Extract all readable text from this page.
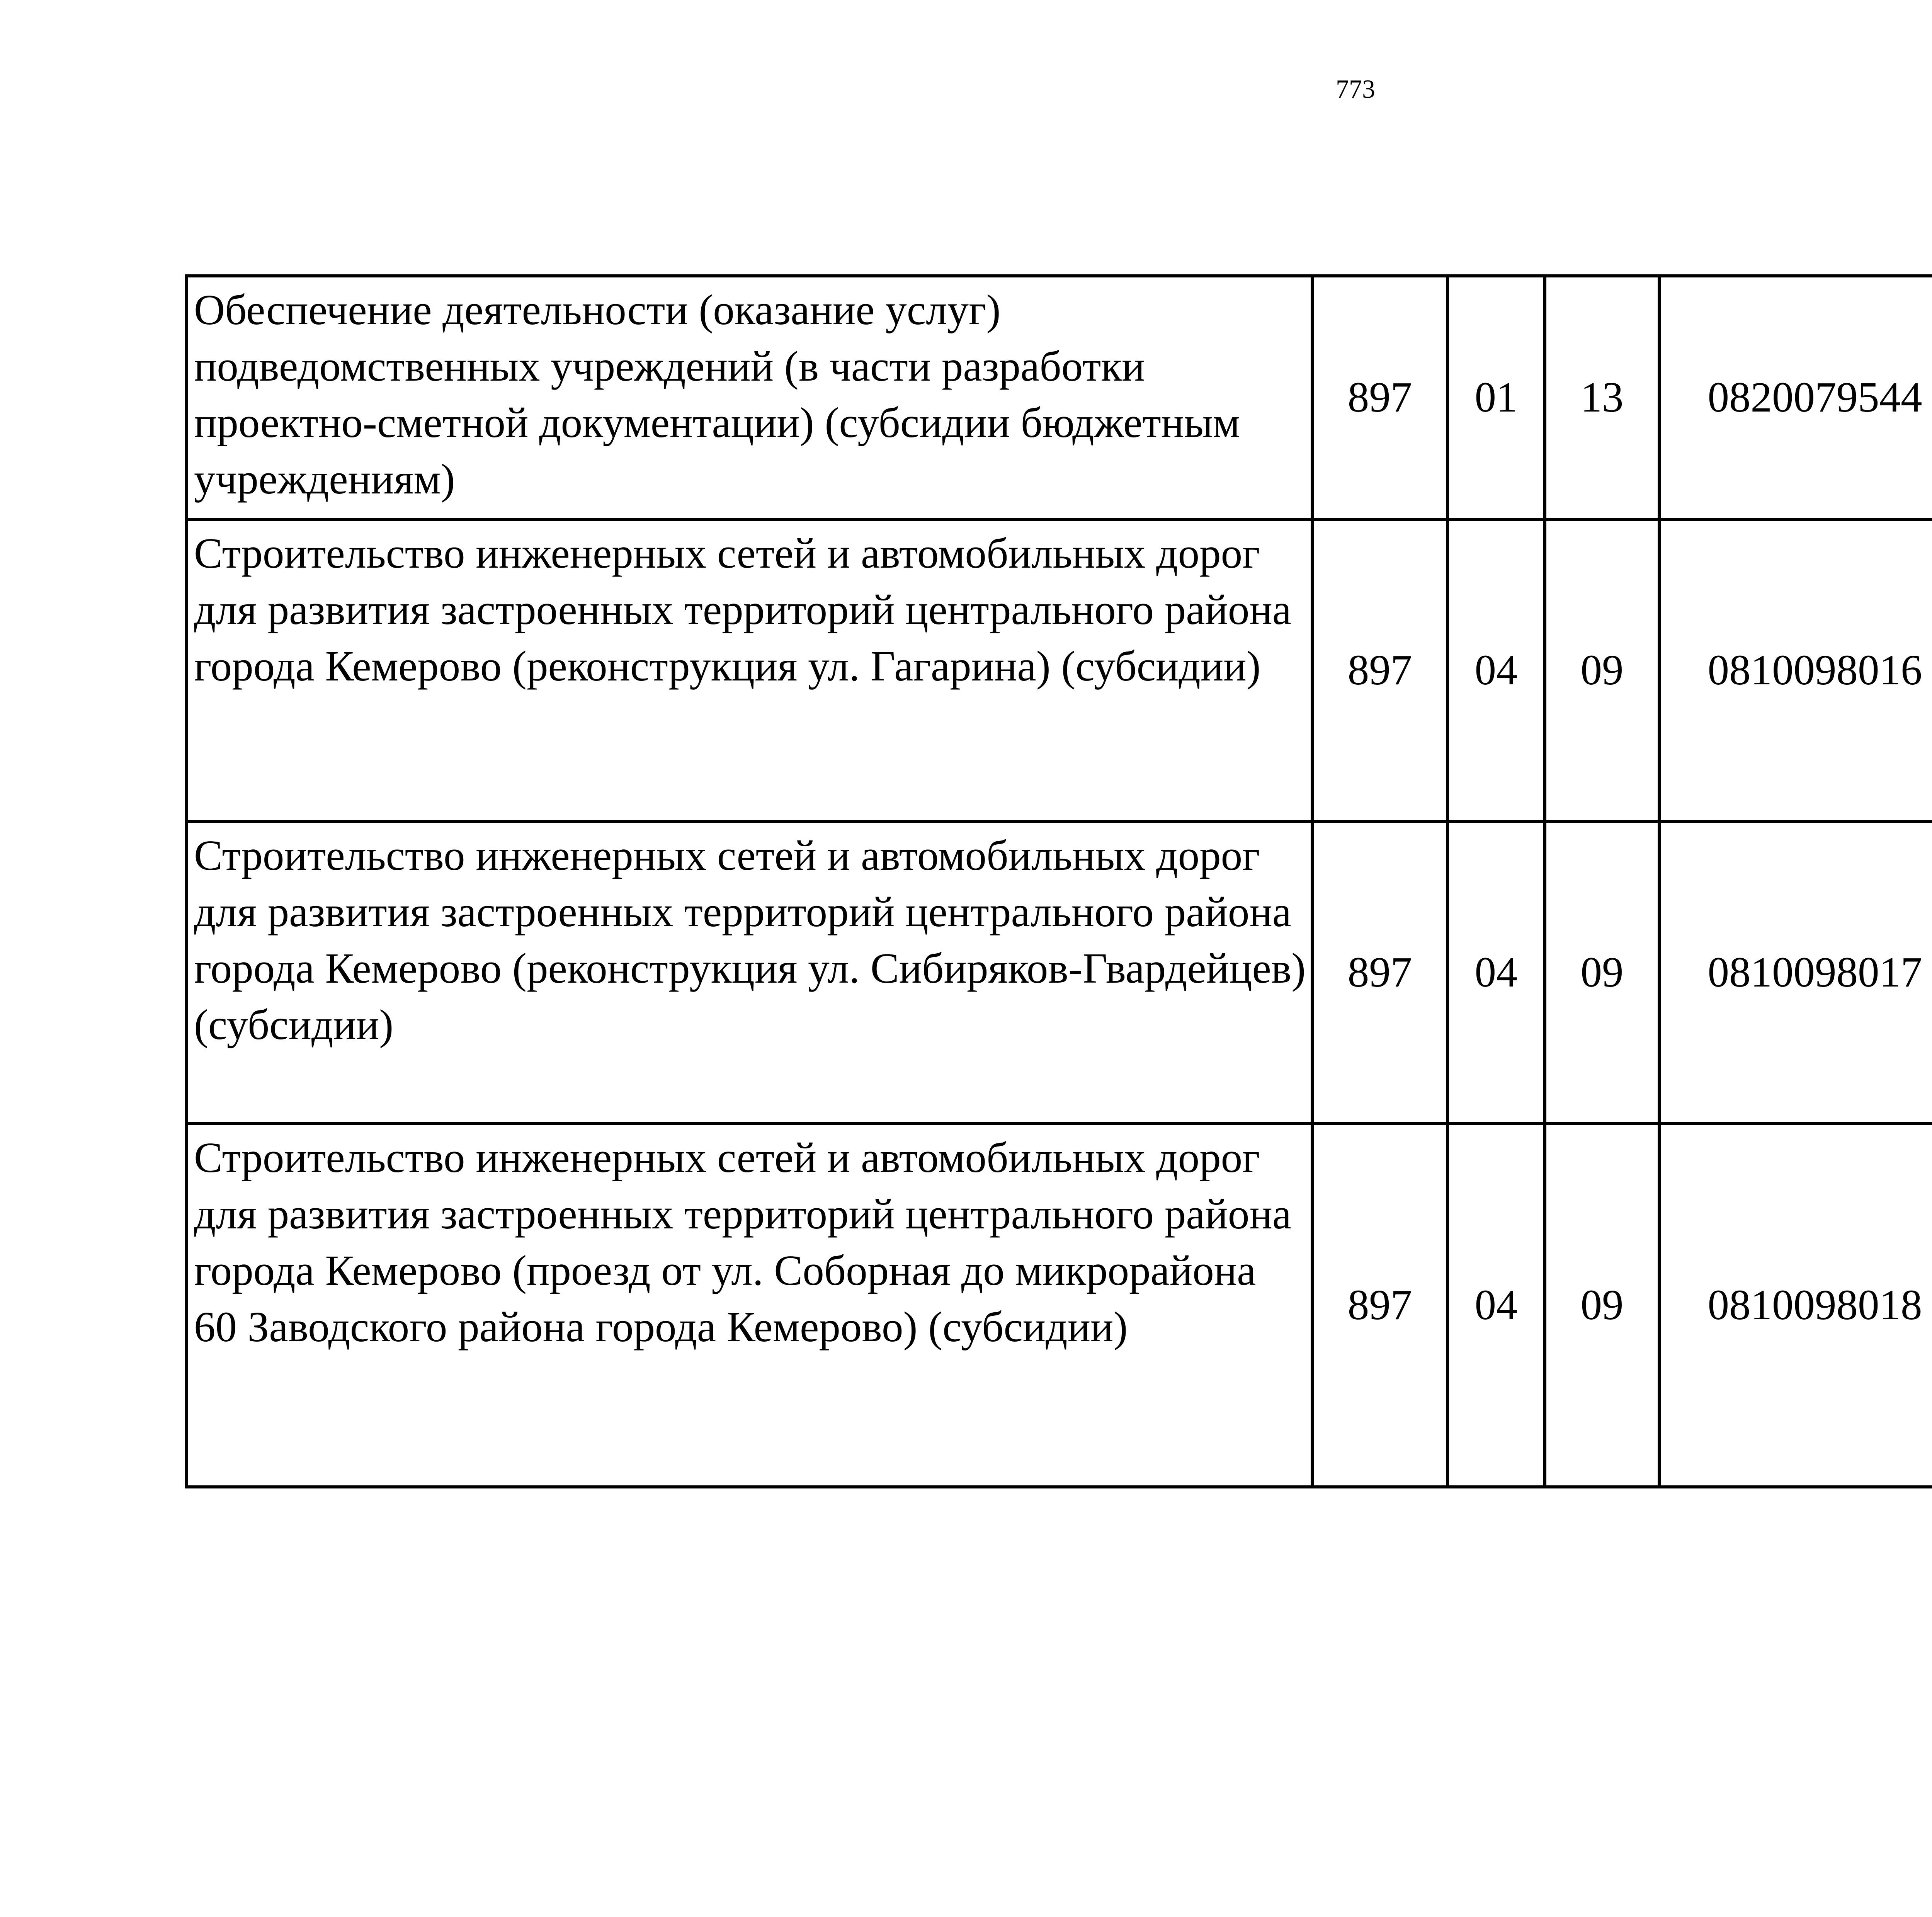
773
Обеспечение деятельности (оказание услуг) подведомственных учреждений (в части разработки проектно-сметной документации) (субсидии бюджетным учреждениям)	897	01	13	0820079544		
Строительство инженерных сетей и автомобильных дорог для развития застроенных территорий центрального района города Кемерово (реконструкция ул. Гагарина) (субсидии)	897	04	09	0810098016		
Строительство инженерных сетей и автомобильных дорог для развития застроенных территорий центрального района города Кемерово (реконструкция ул. Сибиряков-Гвардейцев) (субсидии)	897	04	09	0810098017		
Строительство инженерных сетей и автомобильных дорог для развития застроенных территорий центрального района города Кемерово (проезд от ул. Соборная до микрорайона 60 Заводского района города Кемерово) (субсидии)	897	04	09	0810098018		
